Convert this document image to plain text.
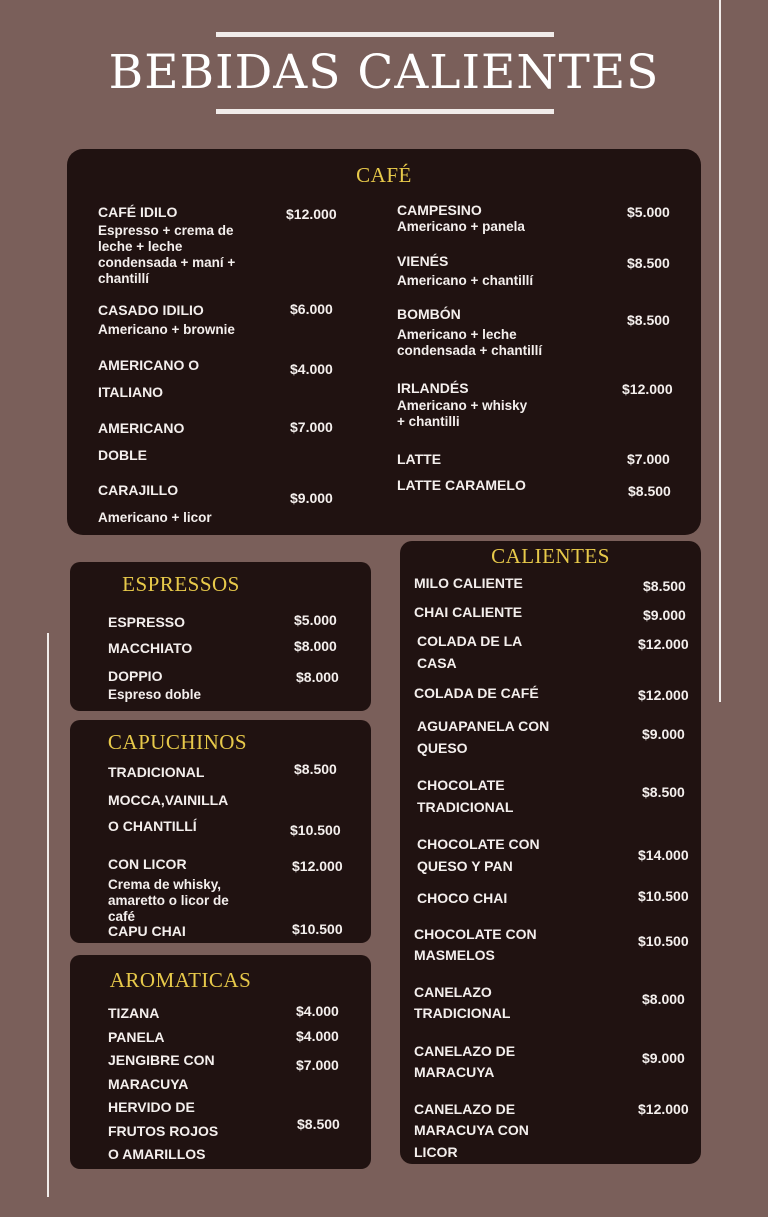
BEBIDAS CALIENTES
CAFÉ
CAFÉ IDILO
Espresso + crema de
leche + leche
condensada + maní +
chantillí
$12.000
CASADO IDILIO
Americano + brownie
$6.000
AMERICANO O
ITALIANO
$4.000
AMERICANO
DOBLE
$7.000
CARAJILLO
Americano + licor
$9.000
CAMPESINO
Americano + panela
$5.000
VIENÉS
Americano + chantillí
$8.500
BOMBÓN
Americano + leche
condensada + chantillí
$8.500
IRLANDÉS
Americano + whisky
+ chantilli
$12.000
LATTE	$7.000
LATTE CARAMELO	$8.500
ESPRESSOS
ESPRESSO	$5.000
MACCHIATO	$8.000
DOPPIO
Espreso doble
$8.000
CAPUCHINOS
TRADICIONAL	$8.500
MOCCA,VAINILLA
O CHANTILLÍ	$10.500
CON LICOR
Crema de whisky,
amaretto o licor de
café
$12.000
CAPU CHAI	$10.500
AROMATICAS
TIZANA	$4.000
PANELA	$4.000
JENGIBRE CON
MARACUYA
$7.000
HERVIDO DE
FRUTOS ROJOS
O AMARILLOS
$8.500
CALIENTES
MILO CALIENTE	$8.500
CHAI CALIENTE	$9.000
COLADA DE LA
CASA
$12.000
COLADA DE CAFÉ	$12.000
AGUAPANELA CON
QUESO
$9.000
CHOCOLATE
TRADICIONAL
$8.500
CHOCOLATE CON
QUESO Y PAN
$14.000
CHOCO CHAI	$10.500
CHOCOLATE CON
MASMELOS
$10.500
CANELAZO
TRADICIONAL
$8.000
CANELAZO DE
MARACUYA
$9.000
CANELAZO DE
MARACUYA CON
LICOR
$12.000
